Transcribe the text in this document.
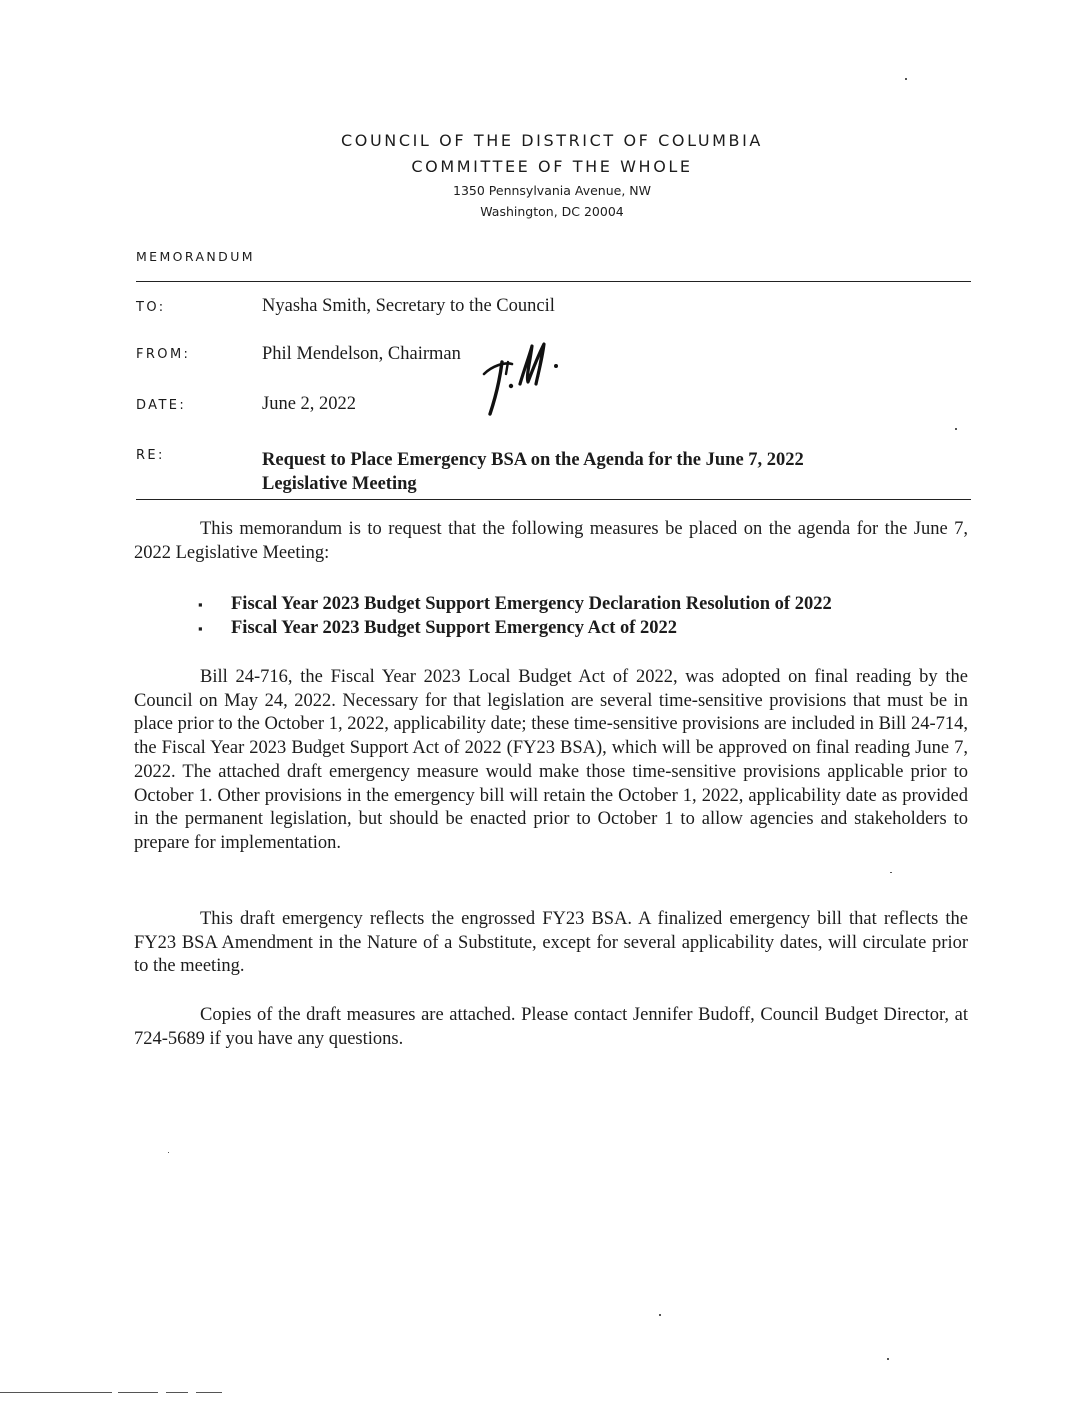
COUNCIL OF THE DISTRICT OF COLUMBIA
COMMITTEE OF THE WHOLE
1350 Pennsylvania Avenue, NW
Washington, DC 20004
MEMORANDUM
TO:	Nyasha Smith, Secretary to the Council
FROM:	Phil Mendelson, Chairman
DATE:	June 2, 2022
RE:	Request to Place Emergency BSA on the Agenda for the June 7, 2022
Legislative Meeting

This memorandum is to request that the following measures be placed on the agenda for the June 7, 2022 Legislative Meeting:

▪ Fiscal Year 2023 Budget Support Emergency Declaration Resolution of 2022
▪ Fiscal Year 2023 Budget Support Emergency Act of 2022

Bill 24-716, the Fiscal Year 2023 Local Budget Act of 2022, was adopted on final reading by the Council on May 24, 2022. Necessary for that legislation are several time-sensitive provisions that must be in place prior to the October 1, 2022, applicability date; these time-sensitive provisions are included in Bill 24-714, the Fiscal Year 2023 Budget Support Act of 2022 (FY23 BSA), which will be approved on final reading June 7, 2022. The attached draft emergency measure would make those time-sensitive provisions applicable prior to October 1. Other provisions in the emergency bill will retain the October 1, 2022, applicability date as provided in the permanent legislation, but should be enacted prior to October 1 to allow agencies and stakeholders to prepare for implementation.

This draft emergency reflects the engrossed FY23 BSA. A finalized emergency bill that reflects the FY23 BSA Amendment in the Nature of a Substitute, except for several applicability dates, will circulate prior to the meeting.

Copies of the draft measures are attached. Please contact Jennifer Budoff, Council Budget Director, at 724-5689 if you have any questions.
